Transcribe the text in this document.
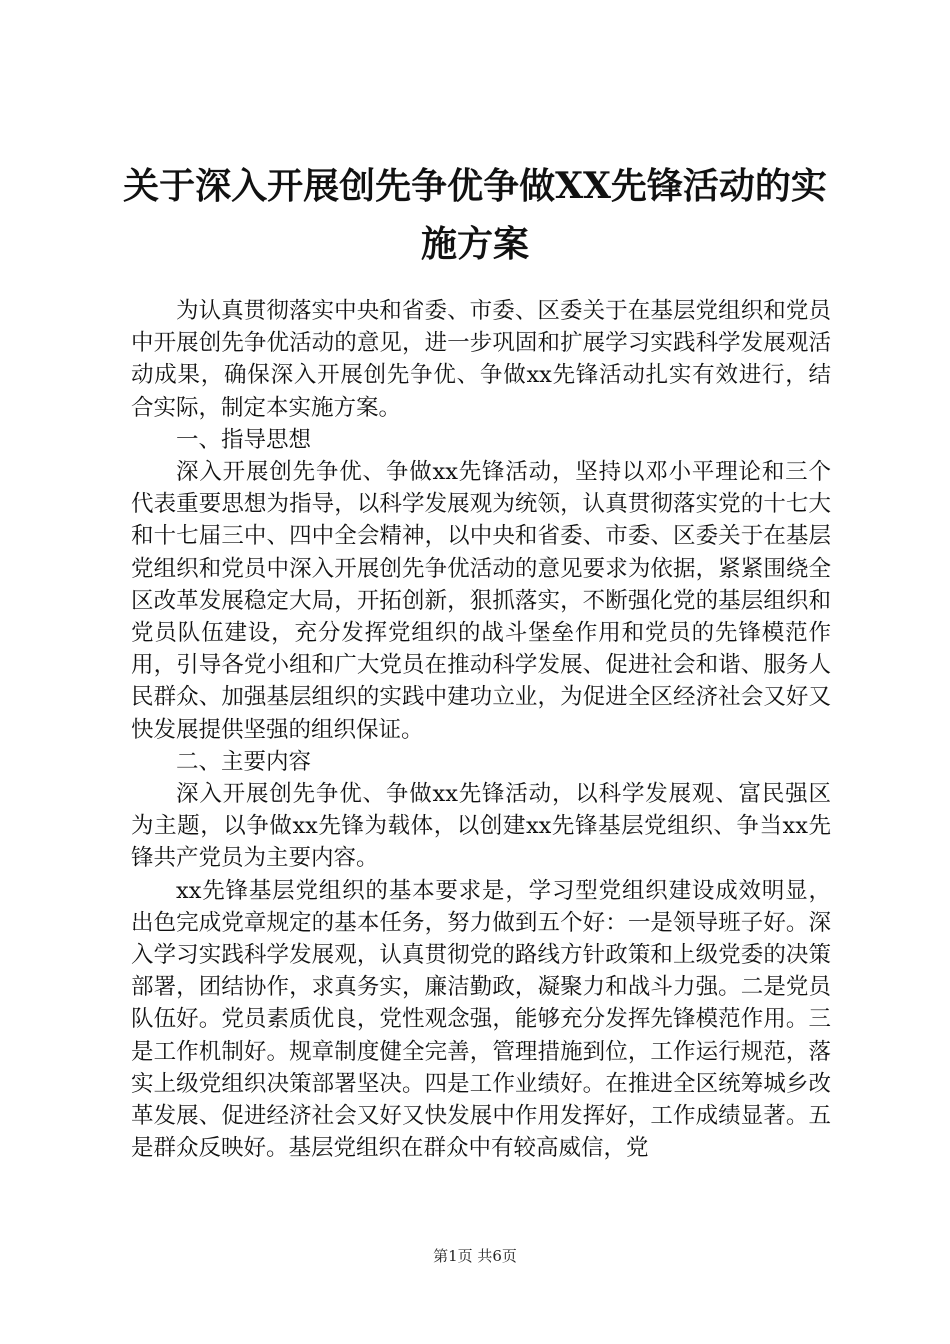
关于深入开展创先争优争做XX先锋活动的实
施方案

为认真贯彻落实中央和省委、市委、区委关于在基层党组织和党员中开展创先争优活动的意见，进一步巩固和扩展学习实践科学发展观活动成果，确保深入开展创先争优、争做xx先锋活动扎实有效进行，结合实际，制定本实施方案。

一、指导思想

深入开展创先争优、争做xx先锋活动，坚持以邓小平理论和三个代表重要思想为指导，以科学发展观为统领，认真贯彻落实党的十七大和十七届三中、四中全会精神，以中央和省委、市委、区委关于在基层党组织和党员中深入开展创先争优活动的意见要求为依据，紧紧围绕全区改革发展稳定大局，开拓创新，狠抓落实，不断强化党的基层组织和党员队伍建设，充分发挥党组织的战斗堡垒作用和党员的先锋模范作用，引导各党小组和广大党员在推动科学发展、促进社会和谐、服务人民群众、加强基层组织的实践中建功立业，为促进全区经济社会又好又快发展提供坚强的组织保证。

二、主要内容

深入开展创先争优、争做xx先锋活动，以科学发展观、富民强区为主题，以争做xx先锋为载体，以创建xx先锋基层党组织、争当xx先锋共产党员为主要内容。

xx先锋基层党组织的基本要求是，学习型党组织建设成效明显，出色完成党章规定的基本任务，努力做到五个好：一是领导班子好。深入学习实践科学发展观，认真贯彻党的路线方针政策和上级党委的决策部署，团结协作，求真务实，廉洁勤政，凝聚力和战斗力强。二是党员队伍好。党员素质优良，党性观念强，能够充分发挥先锋模范作用。三是工作机制好。规章制度健全完善，管理措施到位，工作运行规范，落实上级党组织决策部署坚决。四是工作业绩好。在推进全区统筹城乡改革发展、促进经济社会又好又快发展中作用发挥好，工作成绩显著。五是群众反映好。基层党组织在群众中有较高威信，党

第1页 共6页
